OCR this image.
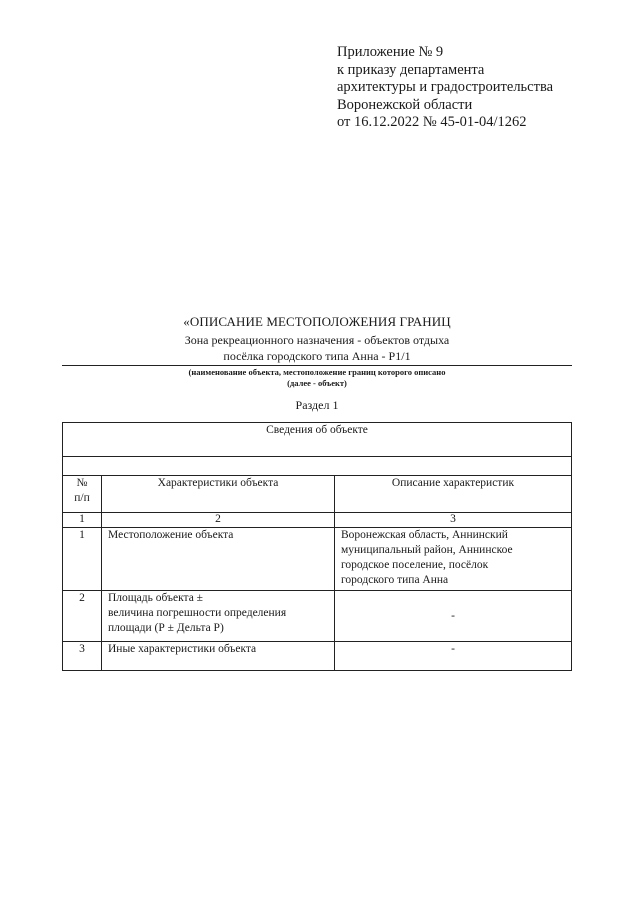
Приложение № 9
к приказу департамента
архитектуры и градостроительства
Воронежской области
от 16.12.2022 № 45-01-04/1262
«ОПИСАНИЕ МЕСТОПОЛОЖЕНИЯ ГРАНИЦ
Зона рекреационного назначения - объектов отдыха
посёлка городского типа Анна - Р1/1
(наименование объекта, местоположение границ которого описано
(далее - объект)
Раздел 1
Сведения об объекте		

№
п/п	Характеристики объекта	Описание характеристик
1	2	3
1	Местоположение объекта	Воронежская область, Аннинский
муниципальный район, Аннинское
городское поселение, посёлок
городского типа Анна

2	Площадь объекта ±
величина погрешности определения
площади (Р ± Дельта Р)	-
3	Иные характеристики объекта	-
